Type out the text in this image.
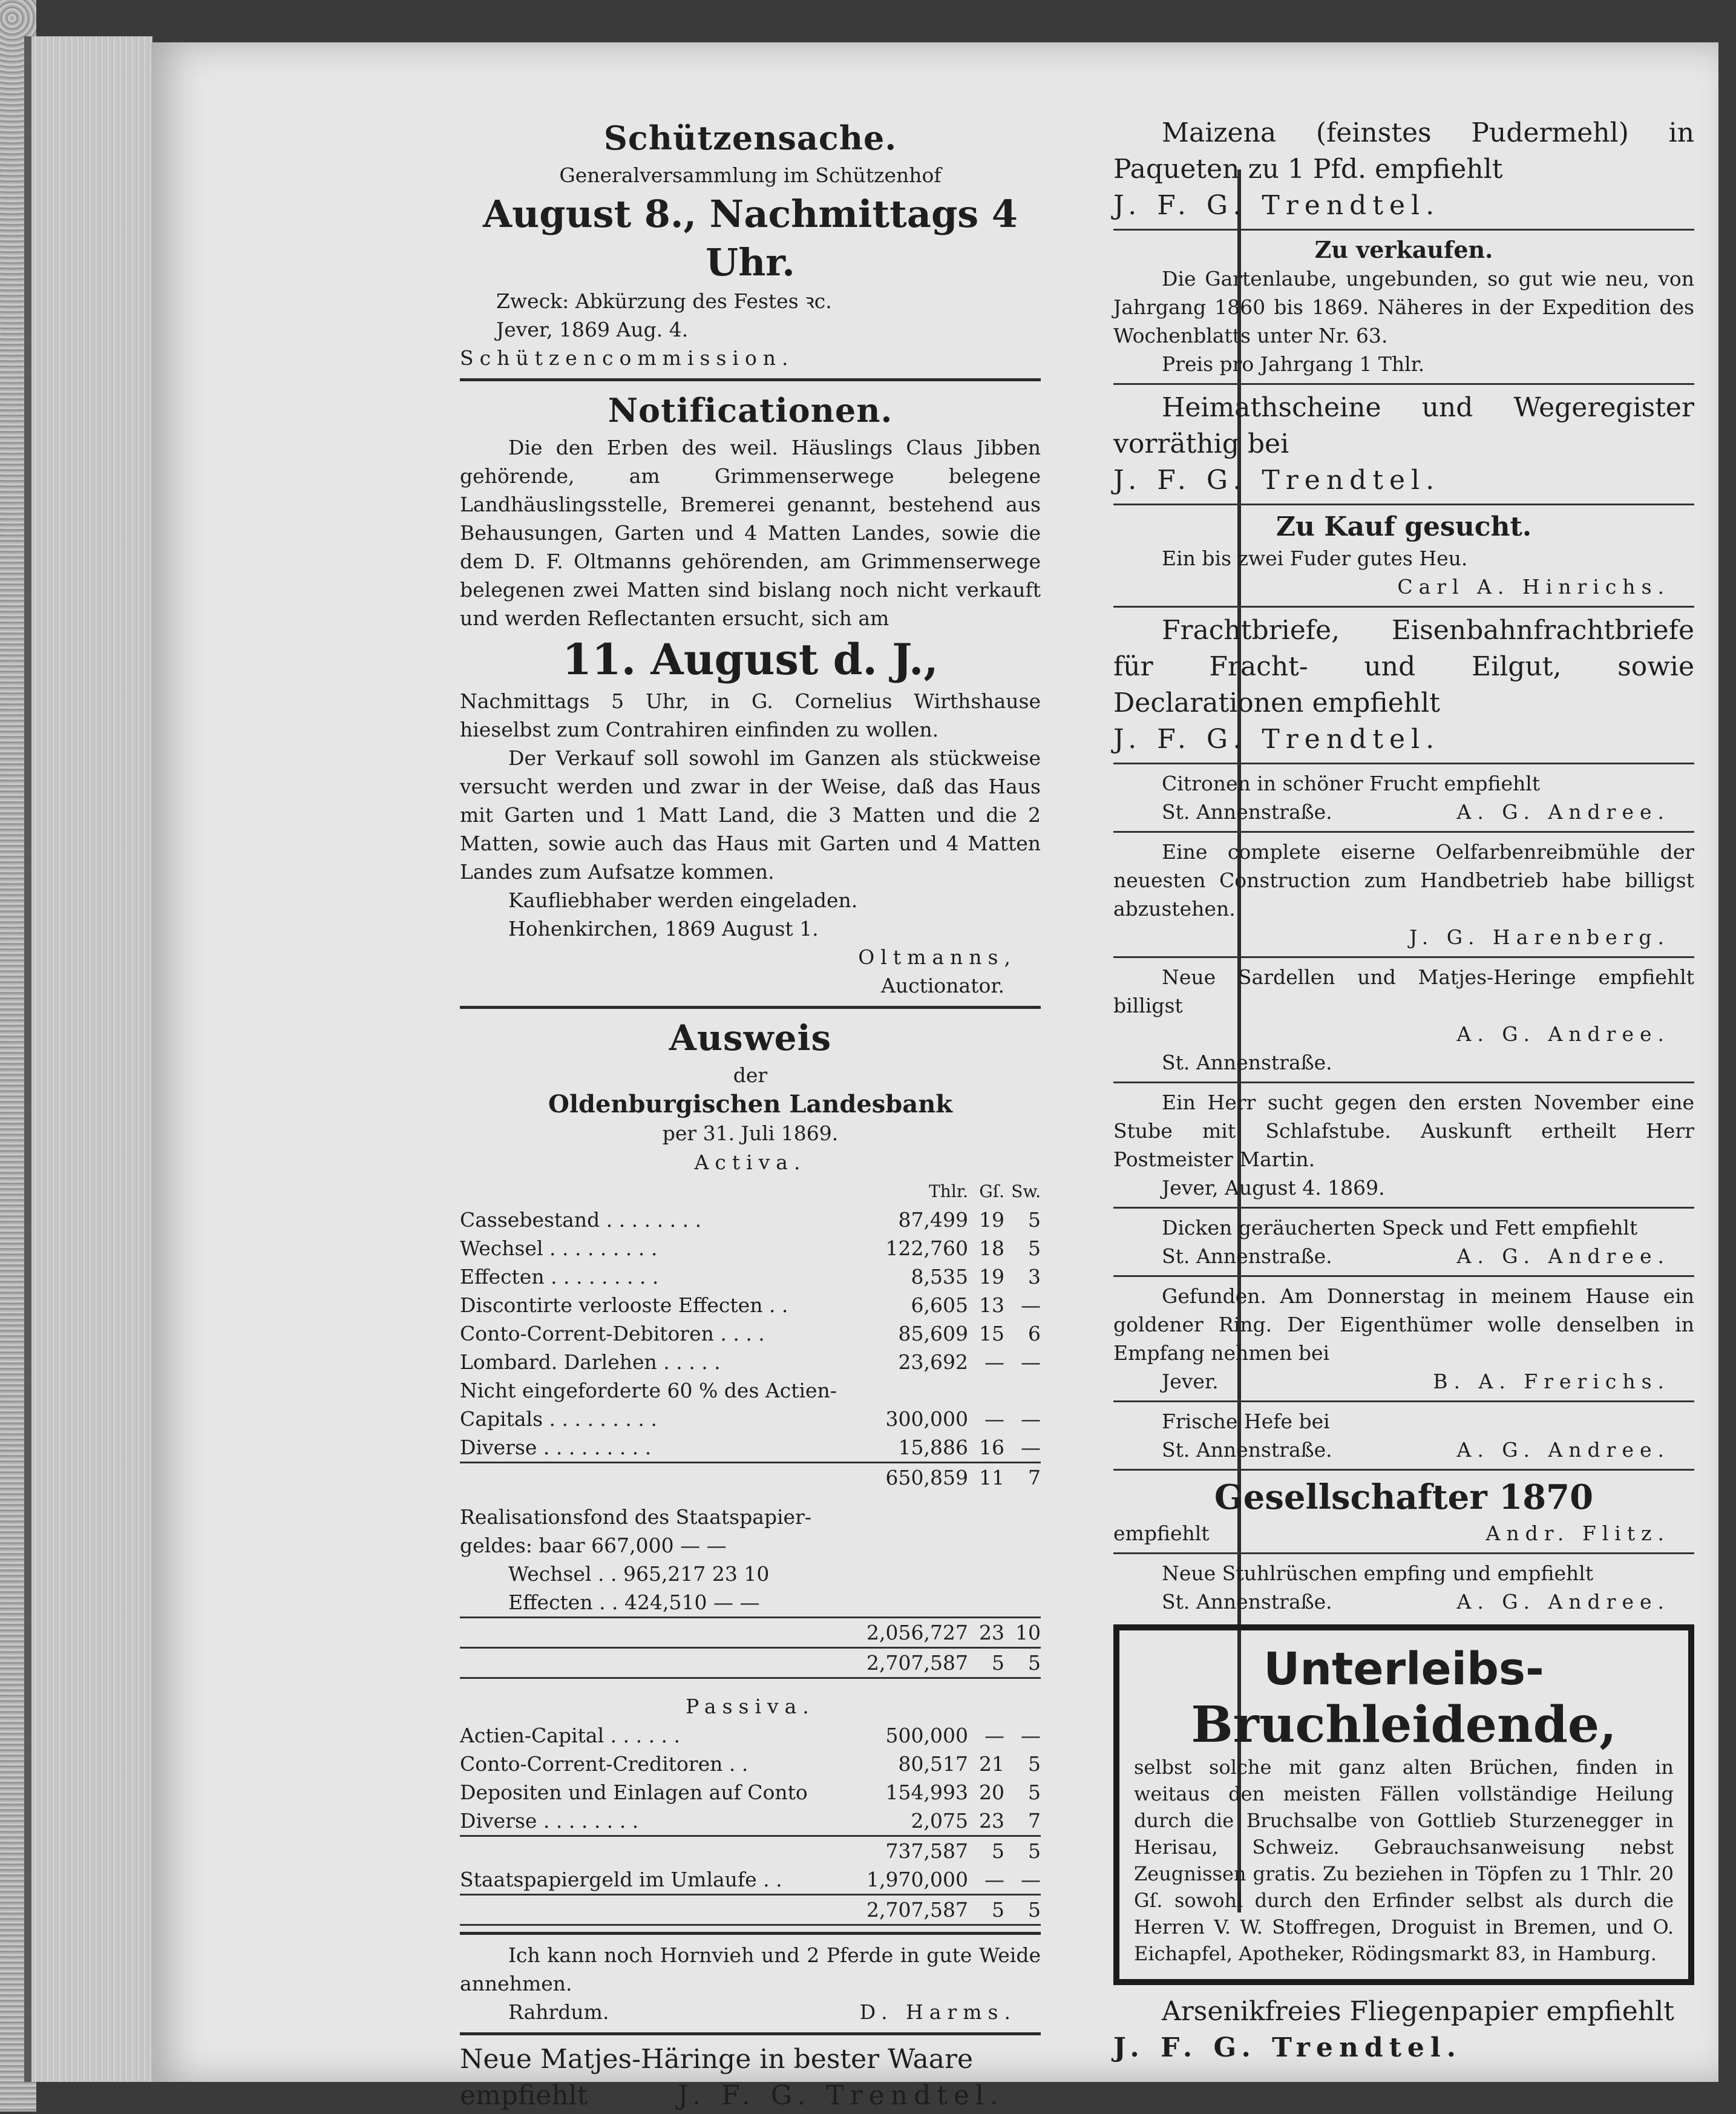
Schützensache.

Generalversammlung im Schützenhof

August 8., Nachmittags 4 Uhr.

Zweck: Abkürzung des Festes ꝛc.

Jever, 1869 Aug. 4.

Schützencommission.

Notificationen.

Die den Erben des weil. Häuslings Claus Jibben gehörende, am Grimmenserwege belegene Landhäuslingsstelle, Bremerei genannt, bestehend aus Behausungen, Garten und 4 Matten Landes, sowie die dem D. F. Oltmanns gehörenden, am Grimmenserwege belegenen zwei Matten sind bislang noch nicht verkauft und werden Reflectanten ersucht, sich am

11. August d. J.,

Nachmittags 5 Uhr, in G. Cornelius Wirthshause hieselbst zum Contrahiren einfinden zu wollen.

Der Verkauf soll sowohl im Ganzen als stückweise versucht werden und zwar in der Weise, daß das Haus mit Garten und 1 Matt Land, die 3 Matten und die 2 Matten, sowie auch das Haus mit Garten und 4 Matten Landes zum Aufsatze kommen.

Kaufliebhaber werden eingeladen.

Hohenkirchen, 1869 August 1.

Oltmanns,

Auctionator.

Ausweis

der

Oldenburgischen Landesbank

per 31. Juli 1869.

Activa.

Thlr. Gſ. Sw.
Cassebestand . . . . . . . .	87,499 19	5
Wechsel . . . . . . . . .	122,760 18	5
Effecten . . . . . . . . .	8,535 19	3
Discontirte verlooste Effecten . .	6,605 13 —
Conto-Corrent-Debitoren . . . .	85,609 15	6
Lombard. Darlehen . . . . .	23,692 — —

Nicht eingeforderte 60 % des Actien-

Capitals . . . . . . . . .	300,000 — —
Diverse . . . . . . . . .	15,886 16 —
650,859 11	7

Realisationsfond des Staatspapier-

geldes: baar 667,000 — —

Wechsel . . 965,217 23 10

Effecten . . 424,510 — —

2,056,727 23 10
2,707,587	5	5

Passiva.

Actien-Capital . . . . . .	500,000 — —
Conto-Corrent-Creditoren . .	80,517 21	5
Depositen und Einlagen auf Conto	154,993 20	5
Diverse . . . . . . . .	2,075 23	7
737,587	5	5
Staatspapiergeld im Umlaufe . .	1,970,000 — —
2,707,587	5	5

Ich kann noch Hornvieh und 2 Pferde in gute Weide annehmen.

Rahrdum.	D. Harms.

Neue Matjes-Häringe in bester Waare

empfiehlt	J. F. G. Trendtel.

Maizena (feinstes Pudermehl) in Paqueten zu 1 Pfd. empfiehlt

J. F. G. Trendtel.

Zu verkaufen.

Die Gartenlaube, ungebunden, so gut wie neu, von Jahrgang 1860 bis 1869. Näheres in der Expedition des Wochenblatts unter Nr. 63.

Preis pro Jahrgang 1 Thlr.

Heimathscheine und Wegeregister vorräthig bei

J. F. G. Trendtel.

Zu Kauf gesucht.

Ein bis zwei Fuder gutes Heu.

Carl A. Hinrichs.

Frachtbriefe, Eisenbahnfrachtbriefe für Fracht- und Eilgut, sowie Declarationen empfiehlt

J. F. G. Trendtel.

Citronen in schöner Frucht empfiehlt

St. Annenstraße.	A. G. Andree.

Eine complete eiserne Oelfarbenreibmühle der neuesten Construction zum Handbetrieb habe billigst abzustehen.

J. G. Harenberg.

Neue Sardellen und Matjes-Heringe empfiehlt billigst

A. G. Andree.

St. Annenstraße.

Ein Herr sucht gegen den ersten November eine Stube mit Schlafstube. Auskunft ertheilt Herr Postmeister Martin.

Jever, August 4. 1869.

Dicken geräucherten Speck und Fett empfiehlt

St. Annenstraße.	A. G. Andree.

Gefunden. Am Donnerstag in meinem Hause ein goldener Ring. Der Eigenthümer wolle denselben in Empfang nehmen bei

Jever.	B. A. Frerichs.

Frische Hefe bei

St. Annenstraße.	A. G. Andree.

Gesellschafter 1870

empfiehlt	Andr. Flitz.

Neue Stuhlrüschen empfing und empfiehlt

St. Annenstraße.	A. G. Andree.

Unterleibs-

Bruchleidende,

selbst solche mit ganz alten Brüchen, finden in weitaus den meisten Fällen vollständige Heilung durch die Bruchsalbe von Gottlieb Sturzenegger in Herisau, Schweiz. Gebrauchsanweisung nebst Zeugnissen gratis. Zu beziehen in Töpfen zu 1 Thlr. 20 Gſ. sowohl durch den Erfinder selbst als durch die Herren V. W. Stoffregen, Droguist in Bremen, und O. Eichapfel, Apotheker, Rödingsmarkt 83, in Hamburg.

Arsenikfreies Fliegenpapier empfiehlt

J. F. G. Trendtel.
